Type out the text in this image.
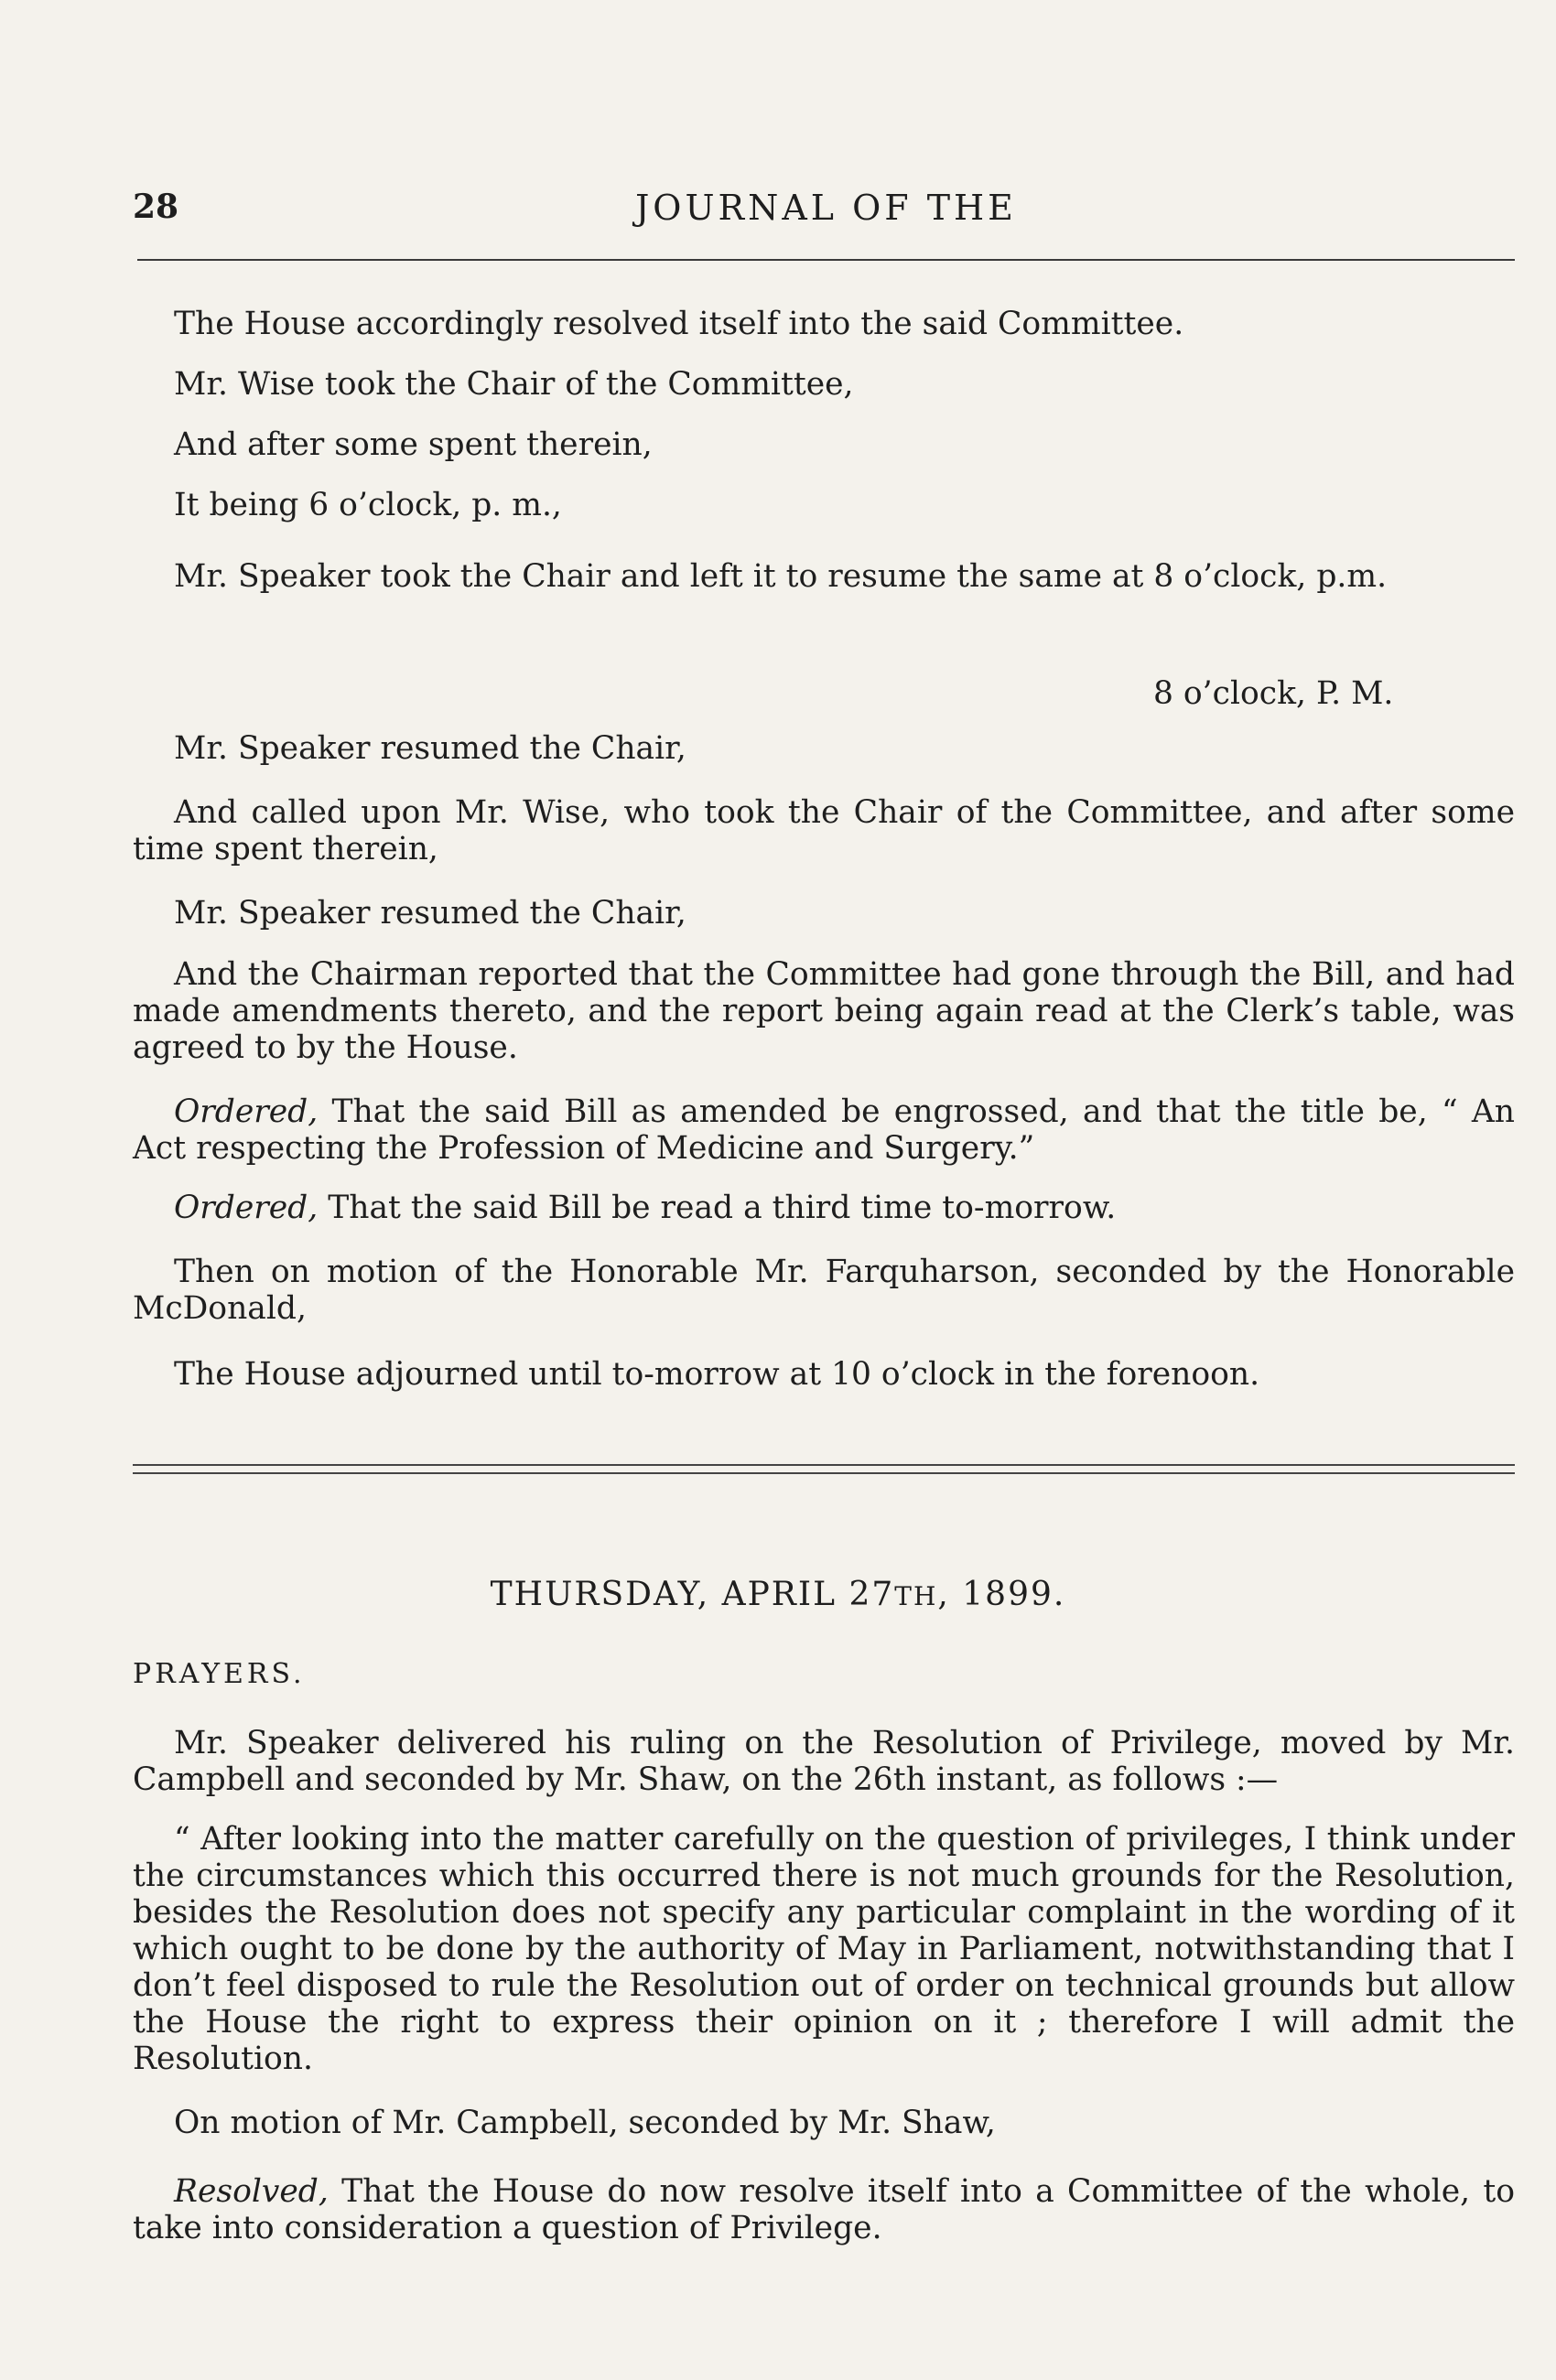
28	JOURNAL OF THE

The House accordingly resolved itself into the said Committee.

Mr. Wise took the Chair of the Committee,

And after some spent therein,

It being 6 o’clock, p. m.,

Mr. Speaker took the Chair and left it to resume the same at 8 o’clock, p.m.

8 o’clock, P. M.

Mr. Speaker resumed the Chair,

And called upon Mr. Wise, who took the Chair of the Committee, and after some time spent therein,

Mr. Speaker resumed the Chair,

And the Chairman reported that the Committee had gone through the Bill, and had made amendments thereto, and the report being again read at the Clerk’s table, was agreed to by the House.

Ordered, That the said Bill as amended be engrossed, and that the title be, “ An Act respecting the Profession of Medicine and Surgery.”

Ordered, That the said Bill be read a third time to-morrow.

Then on motion of the Honorable Mr. Farquharson, seconded by the Honorable McDonald,

The House adjourned until to-morrow at 10 o’clock in the forenoon.

THURSDAY, APRIL 27TH, 1899.
PRAYERS.

Mr. Speaker delivered his ruling on the Resolution of Privilege, moved by Mr. Campbell and seconded by Mr. Shaw, on the 26th instant, as follows :—

“ After looking into the matter carefully on the question of privileges, I think under the circumstances which this occurred there is not much grounds for the Resolution, besides the Resolution does not specify any particular complaint in the wording of it which ought to be done by the authority of May in Parliament, notwithstanding that I don’t feel disposed to rule the Resolution out of order on technical grounds but allow the House the right to express their opinion on it ; therefore I will admit the Resolution.

On motion of Mr. Campbell, seconded by Mr. Shaw,

Resolved, That the House do now resolve itself into a Committee of the whole, to take into consideration a question of Privilege.
